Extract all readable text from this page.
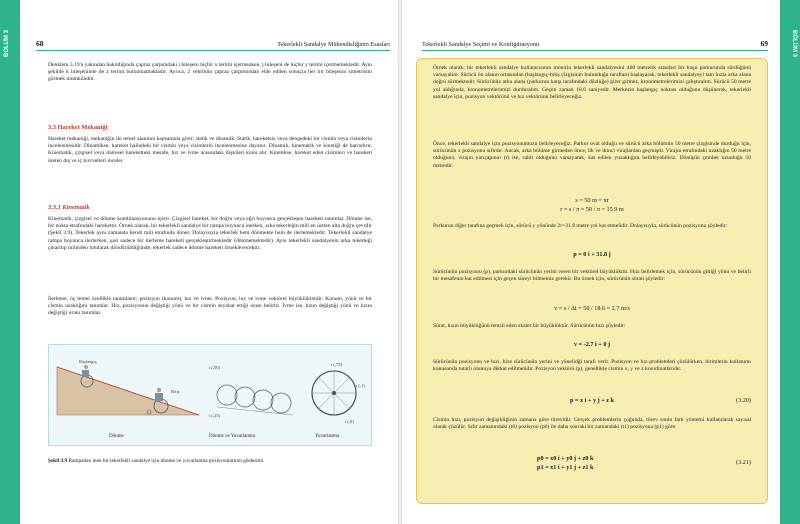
BÖLÜM 3	BÖLÜM 3
68	Tekerlekli Sandalye Mühendisliğinin Esasları
Denklem 3.19'a yakından bakıldığında çapraz çarpımdaki i bileşeni hiçbir x terimi içermezken, j bileşeni de hiçbir y terimi içermemektedir. Aynı şekilde k bileşeninde de z terimi bulunmamaktadır. Ayrıca, 2 vektörün çapraz çarpımından elde edilen sonuçta her bir bileşenin simetrisini görmek mümkündür.
3.3 Hareket Mekaniği
Hareket mekaniği, mekaniğin iki temel alanının kapsamına girer; statik ve dinamik. Statik, hareketsiz veya dengedeki bir cismin veya cisimlerin incelenmesidir. Dinamikse, hareket halindeki bir cismin veya cisimlerin incelenmesine dayanır. Dinamik, kinematik ve kinetiği de barındırır. Kinematik, çizgisel veya dairesel hareketteki mesafe, hız ve ivme arasındaki ilişkileri konu alır. Kinetikse, hareket eden cisimleri ve hareketi üreten dış ve iç kuvvetleri inceler.
3.3.1 Kinematik
Kinematik, çizgisel ve dönme kombinasyonunu içerir. Çizgisel hareket, bir doğru veya eğri boyunca gerçekleşen hareketi tanımlar. Dönme ise, bir nokta etrafındaki harekettir. Örnek olarak, bir tekerlekli sandalye bir rampa boyunca inerken, arka tekerleğin mili en üstten alta doğru çevrilir (Şekil 3.9). Tekerlek aynı zamanda kendi mili etrafında döner. Dolayısıyla tekerlek hem dönmekte hem de ilerlemektedir. Tekerlekli sandalye rampa boyunca ilerlerken, şasi sadece bir ilerleme hareketi gerçekleştirmektedir (dönmemektedir). Aynı tekerlekli sandalyenin arka tekerleği çıkarılıp milinden tutularak döndürüldüğünde, tekerlek sadece dönme hareketi örneklevecektir.
İlerleme, üç temel özellikle tanımlanır; pozisyon (konum), hız ve ivme. Pozisyon, hız ve ivme vektörel büyüklüklerdir. Konum, yönü ve bir cismin uzaklığını tanımlar. Hız, pozisyonun değiştiği yönü ve bir cismin seyahat ettiği oranı belirtir. İvme ise, hızın değiştiği yönü ve hızın değiştiği oranı tanımlar.
Başlangıç
Bitiş
t (,50)
t (,25)
t (,75)
t (,1)
t (,0)
Dönme	Dönme ve Yuvarlanma	Yuvarlanma
Şekil 3.9 Rampadan inen bir tekerlekli sandalye için dönme ve yuvarlanma pozisyonlarının gösterimi.
Tekerlekli Sandalye Seçimi ve Konfigürasyonu	69
Örnek olarak; bir tekerlekli sandalye kullanıcısının motorlu tekerlekli sandalyesini 400 metrelik standart bir koşu parkurunda sürdüğünü varsayalım. Sürücü ön alanın ortasından (başlangıç-bitiş çizgisinin bulunduğu taraftan) başlayarak, tekerlekli sandalyeyi tam hızla arka alana doğru sürmektedir. Sürücünüz arka alana (parkurun karşı tarafındaki düzlüğe) girer girmez, kronometrelerimizi çalıştıralım. Sürücü 50 metre yol aldığında, kronometrelerimizi durduralım. Geçen zaman 18.6 saniyedir. Merkezin başlangıç noktası olduğunu düşünerek, tekerlekli sandalye için, pozisyon vektörünü ve hız vektörünü belirleyeceğiz.
Önce, tekerlekli sandalye için pozisyonumuzu belirleyeceğiz. Parkur oval olduğu ve sürücü arka bölümün 50 metre çizgisinde durduğu için, sürücünün x pozisyonu sıfırdır. Ancak, arka bölüme girmeden önce, ilk ve ikinci virajlardan geçmiştir. Virajın etrafındaki uzaklığın 50 metre olduğunu, virajın yarıçapının (r) ise, sabit olduğunu varsayarak, kat edilen yuzaklığını belirleyebiliriz. Dönüşün çember uzunluğu 50 metredir:
s = 50 m = πr
r = s / π = 50 / π = 15.9 m
Parkurun diğer tarafına geçmek için, sürücü y yönünde 2r=31.8 metre yol kat etmelidir. Dolayısıyla, sürücünün pozisyonu şöyledir:
p = 0 i + 31.8 j
Sürücünün pozisyonu (p), parkurdaki sürücünün yerini veren bir vektörel büyüklüktür. Hızı belirlemek için, sürücünün gittiği yönü ve belirli bir mesafenin kat edilmesi için geçen süreyi bilmemiz gerekir. Bu örnek için, sürücünün sürati şöyledir:
v = s / Δt = 50 / 18.6 = 2.7 m/s
Sürat, hızın büyüklüğünü temsil eden skaler bir büyüklüktür. Sürücünün hızı şöyledir:
v = -2.7 i + 0 j
Sürücünün pozisyonu ve hızı, bize sürücünün yerini ve yönelidği tarafı verir. Pozisyon ve hız problemleri çözülürken, birimlerin kullanımı konusunda tutarlı olunuya dikkat edilmelidir. Pozisyon vektörü (p), genellikle cismin x, y ve z koordinatlarıdır.
p = x i + y j + z k	(3.20)
Cismin hızı, pozisyon değişikliğinin zamana göre türevidir. Gerçek problemlerin çoğunda, türev sonlu fark yöntemi kullanılarak sayısal olarak çözülür. Sıfır zamanındaki (t0) pozisyon (p0) ile daha sonraki bir zamandaki (t1) pozisyona (p1) göre:
p0 = x0 i + y0 j + z0 k
p1 = x1 i + y1 j + z1 k
(3.21)
